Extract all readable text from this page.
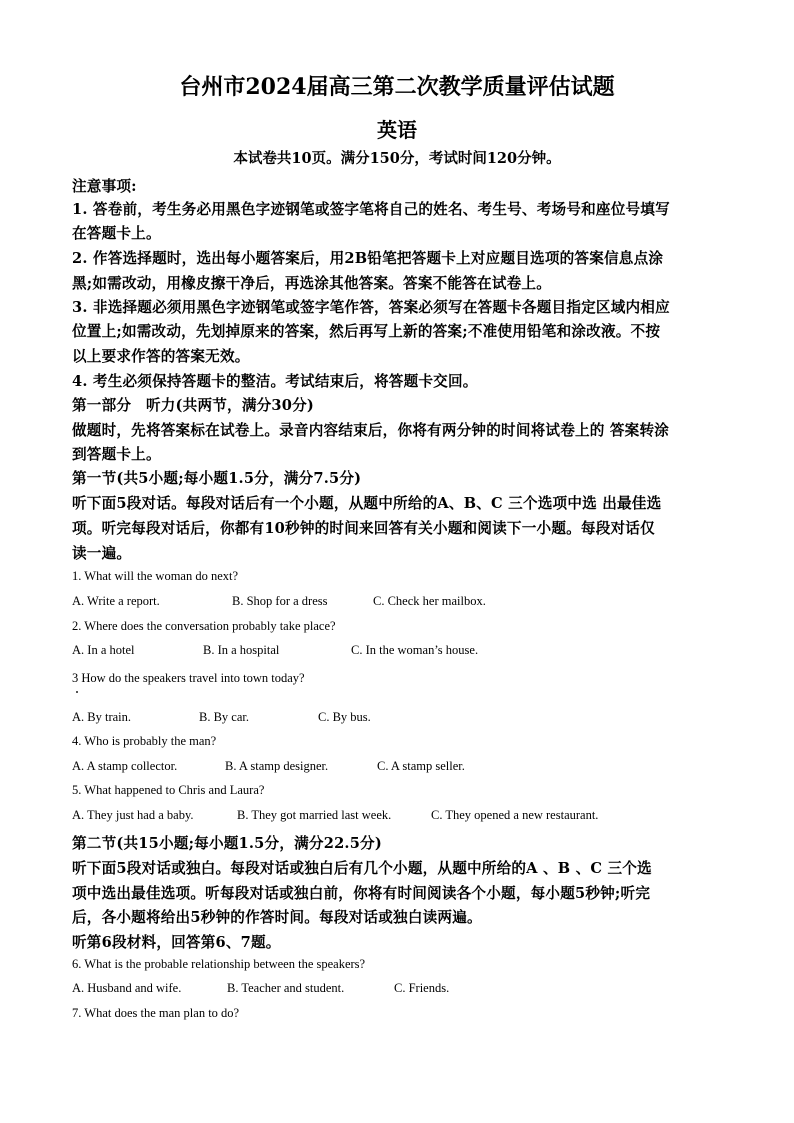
台州市2024届高三第二次教学质量评估试题
英语
本试卷共10页。满分150分，考试时间120分钟。
注意事项:
1. 答卷前，考生务必用黑色字迹钢笔或签字笔将自己的姓名、考生号、考场号和座位号填写
在答题卡上。
2. 作答选择题时，选出每小题答案后，用2B铅笔把答题卡上对应题目选项的答案信息点涂
黑;如需改动，用橡皮擦干净后，再选涂其他答案。答案不能答在试卷上。
3. 非选择题必须用黑色字迹钢笔或签字笔作答，答案必须写在答题卡各题目指定区域内相应
位置上;如需改动，先划掉原来的答案，然后再写上新的答案;不准使用铅笔和涂改液。不按
以上要求作答的答案无效。
4. 考生必须保持答题卡的整洁。考试结束后，将答题卡交回。
第一部分　听力(共两节，满分30分)
做题时，先将答案标在试卷上。录音内容结束后，你将有两分钟的时间将试卷上的 答案转涂
到答题卡上。
第一节(共5小题;每小题1.5分，满分7.5分)
听下面5段对话。每段对话后有一个小题，从题中所给的A、B、C 三个选项中选 出最佳选
项。听完每段对话后，你都有10秒钟的时间来回答有关小题和阅读下一小题。每段对话仅
读一遍。
1. What will the woman do next?
A. Write a report.	B. Shop for a dress	C. Check her mailbox.
2. Where does the conversation probably take place?
A. In a hotel	B. In a hospital	C. In the woman’s house.
3 How do the speakers travel into town today?
A. By train.	B. By car.	C. By bus.
4. Who is probably the man?
A. A stamp collector.	B. A stamp designer.	C. A stamp seller.
5. What happened to Chris and Laura?
A. They just had a baby.	B. They got married last week.	C. They opened a new restaurant.
第二节(共15小题;每小题1.5分，满分22.5分)
听下面5段对话或独白。每段对话或独白后有几个小题，从题中所给的A 、B 、C 三个选
项中选出最佳选项。听每段对话或独白前，你将有时间阅读各个小题，每小题5秒钟;听完
后，各小题将给出5秒钟的作答时间。每段对话或独白读两遍。
听第6段材料，回答第6、7题。
6. What is the probable relationship between the speakers?
A. Husband and wife.	B. Teacher and student.	C. Friends.
7. What does the man plan to do?
